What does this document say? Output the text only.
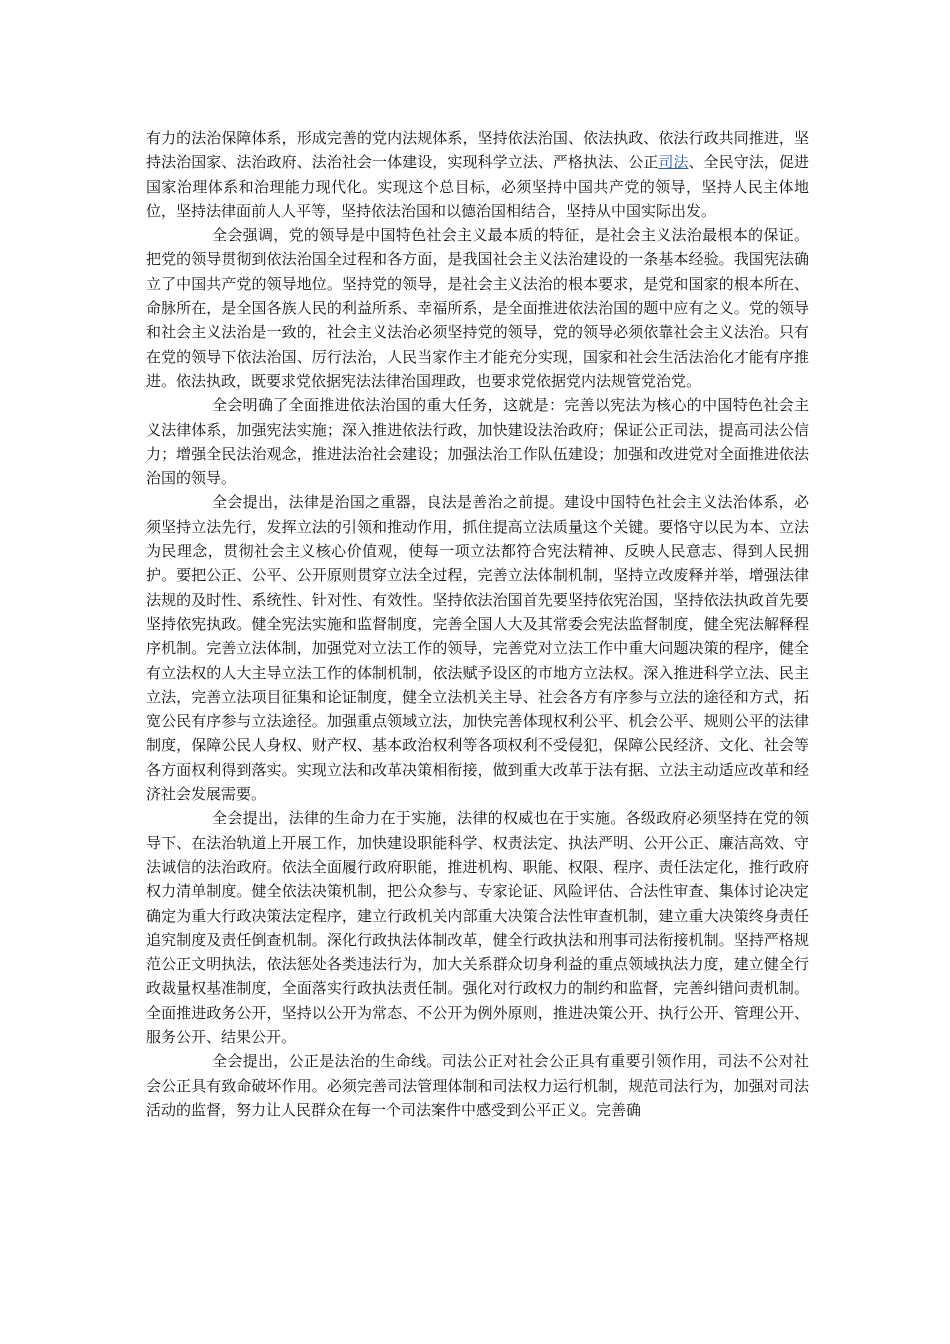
有力的法治保障体系，形成完善的党内法规体系，坚持依法治国、依法执政、依法行政共同推进，坚持法治国家、法治政府、法治社会一体建设，实现科学立法、严格执法、公正司法、全民守法，促进国家治理体系和治理能力现代化。实现这个总目标，必须坚持中国共产党的领导，坚持人民主体地位，坚持法律面前人人平等，坚持依法治国和以德治国相结合，坚持从中国实际出发。

全会强调，党的领导是中国特色社会主义最本质的特征，是社会主义法治最根本的保证。把党的领导贯彻到依法治国全过程和各方面，是我国社会主义法治建设的一条基本经验。我国宪法确立了中国共产党的领导地位。坚持党的领导，是社会主义法治的根本要求，是党和国家的根本所在、命脉所在，是全国各族人民的利益所系、幸福所系，是全面推进依法治国的题中应有之义。党的领导和社会主义法治是一致的，社会主义法治必须坚持党的领导，党的领导必须依靠社会主义法治。只有在党的领导下依法治国、厉行法治，人民当家作主才能充分实现，国家和社会生活法治化才能有序推进。依法执政，既要求党依据宪法法律治国理政，也要求党依据党内法规管党治党。

全会明确了全面推进依法治国的重大任务，这就是：完善以宪法为核心的中国特色社会主义法律体系，加强宪法实施；深入推进依法行政，加快建设法治政府；保证公正司法，提高司法公信力；增强全民法治观念，推进法治社会建设；加强法治工作队伍建设；加强和改进党对全面推进依法治国的领导。

全会提出，法律是治国之重器，良法是善治之前提。建设中国特色社会主义法治体系，必须坚持立法先行，发挥立法的引领和推动作用，抓住提高立法质量这个关键。要恪守以民为本、立法为民理念，贯彻社会主义核心价值观，使每一项立法都符合宪法精神、反映人民意志、得到人民拥护。要把公正、公平、公开原则贯穿立法全过程，完善立法体制机制，坚持立改废释并举，增强法律法规的及时性、系统性、针对性、有效性。坚持依法治国首先要坚持依宪治国，坚持依法执政首先要坚持依宪执政。健全宪法实施和监督制度，完善全国人大及其常委会宪法监督制度，健全宪法解释程序机制。完善立法体制，加强党对立法工作的领导，完善党对立法工作中重大问题决策的程序，健全有立法权的人大主导立法工作的体制机制，依法赋予设区的市地方立法权。深入推进科学立法、民主立法，完善立法项目征集和论证制度，健全立法机关主导、社会各方有序参与立法的途径和方式，拓宽公民有序参与立法途径。加强重点领域立法，加快完善体现权利公平、机会公平、规则公平的法律制度，保障公民人身权、财产权、基本政治权利等各项权利不受侵犯，保障公民经济、文化、社会等各方面权利得到落实。实现立法和改革决策相衔接，做到重大改革于法有据、立法主动适应改革和经济社会发展需要。

全会提出，法律的生命力在于实施，法律的权威也在于实施。各级政府必须坚持在党的领导下、在法治轨道上开展工作，加快建设职能科学、权责法定、执法严明、公开公正、廉洁高效、守法诚信的法治政府。依法全面履行政府职能，推进机构、职能、权限、程序、责任法定化，推行政府权力清单制度。健全依法决策机制，把公众参与、专家论证、风险评估、合法性审查、集体讨论决定确定为重大行政决策法定程序，建立行政机关内部重大决策合法性审查机制，建立重大决策终身责任追究制度及责任倒查机制。深化行政执法体制改革，健全行政执法和刑事司法衔接机制。坚持严格规范公正文明执法，依法惩处各类违法行为，加大关系群众切身利益的重点领域执法力度，建立健全行政裁量权基准制度，全面落实行政执法责任制。强化对行政权力的制约和监督，完善纠错问责机制。全面推进政务公开，坚持以公开为常态、不公开为例外原则，推进决策公开、执行公开、管理公开、服务公开、结果公开。

全会提出，公正是法治的生命线。司法公正对社会公正具有重要引领作用，司法不公对社会公正具有致命破坏作用。必须完善司法管理体制和司法权力运行机制，规范司法行为，加强对司法活动的监督，努力让人民群众在每一个司法案件中感受到公平正义。完善确
